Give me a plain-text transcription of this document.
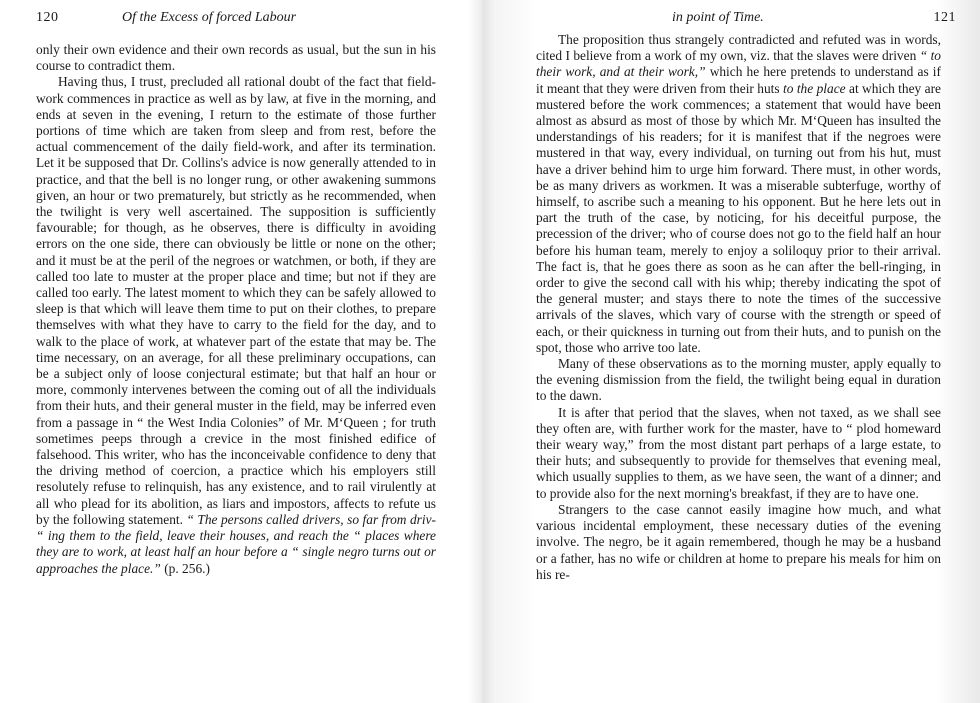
120	Of the Excess of forced Labour

only their own evidence and their own records as usual, but the sun in his course to contradict them.

Having thus, I trust, precluded all rational doubt of the fact that field-work commences in practice as well as by law, at five in the morning, and ends at seven in the evening, I return to the estimate of those further portions of time which are taken from sleep and from rest, before the actual commencement of the daily field-work, and after its termination. Let it be supposed that Dr. Collins's advice is now generally attended to in practice, and that the bell is no longer rung, or other awakening summons given, an hour or two prematurely, but strictly as he recommended, when the twilight is very well ascertained. The supposition is sufficiently favourable; for though, as he observes, there is difficulty in avoiding errors on the one side, there can obviously be little or none on the other; and it must be at the peril of the negroes or watchmen, or both, if they are called too late to muster at the proper place and time; but not if they are called too early. The latest moment to which they can be safely allowed to sleep is that which will leave them time to put on their clothes, to prepare themselves with what they have to carry to the field for the day, and to walk to the place of work, at whatever part of the estate that may be. The time necessary, on an average, for all these preliminary occupations, can be a subject only of loose conjectural estimate; but that half an hour or more, commonly intervenes between the coming out of all the individuals from their huts, and their general muster in the field, may be inferred even from a passage in “ the West India Colonies” of Mr. M‘Queen ; for truth sometimes peeps through a crevice in the most finished edifice of falsehood. This writer, who has the inconceivable confidence to deny that the driving method of coercion, a practice which his employers still resolutely refuse to relinquish, has any existence, and to rail virulently at all who plead for its abolition, as liars and impostors, affects to refute us by the following statement. “ The persons called drivers, so far from driv- “ ing them to the field, leave their houses, and reach the “ places where they are to work, at least half an hour before a “ single negro turns out or approaches the place.” (p. 256.)

in point of Time.	121

The proposition thus strangely contradicted and refuted was in words, cited I believe from a work of my own, viz. that the slaves were driven “ to their work, and at their work,” which he here pretends to understand as if it meant that they were driven from their huts to the place at which they are mustered before the work commences; a statement that would have been almost as absurd as most of those by which Mr. M‘Queen has insulted the understandings of his readers; for it is manifest that if the negroes were mustered in that way, every individual, on turning out from his hut, must have a driver behind him to urge him forward. There must, in other words, be as many drivers as workmen. It was a miserable subterfuge, worthy of himself, to ascribe such a meaning to his opponent. But he here lets out in part the truth of the case, by noticing, for his deceitful purpose, the precession of the driver; who of course does not go to the field half an hour before his human team, merely to enjoy a soliloquy prior to their arrival. The fact is, that he goes there as soon as he can after the bell-ringing, in order to give the second call with his whip; thereby indicating the spot of the general muster; and stays there to note the times of the successive arrivals of the slaves, which vary of course with the strength or speed of each, or their quickness in turning out from their huts, and to punish on the spot, those who arrive too late.

Many of these observations as to the morning muster, apply equally to the evening dismission from the field, the twilight being equal in duration to the dawn.

It is after that period that the slaves, when not taxed, as we shall see they often are, with further work for the master, have to “ plod homeward their weary way,” from the most distant part perhaps of a large estate, to their huts; and subsequently to provide for themselves that evening meal, which usually supplies to them, as we have seen, the want of a dinner; and to provide also for the next morning's breakfast, if they are to have one.

Strangers to the case cannot easily imagine how much, and what various incidental employment, these necessary duties of the evening involve. The negro, be it again remembered, though he may be a husband or a father, has no wife or children at home to prepare his meals for him on his re-
